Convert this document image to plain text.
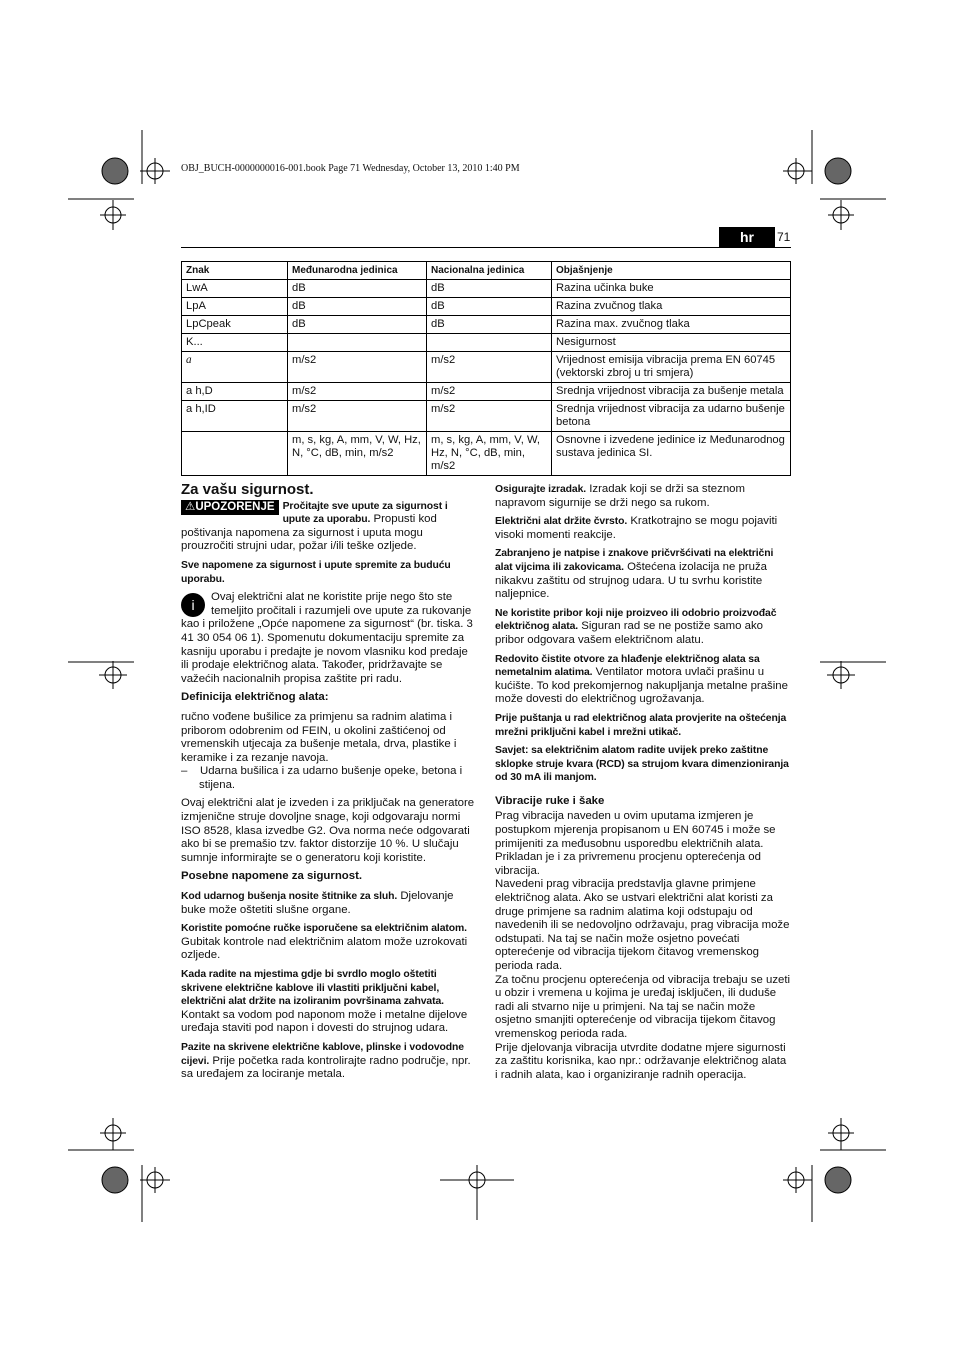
OBJ_BUCH-0000000016-001.book Page 71 Wednesday, October 13, 2010 1:40 PM
hr	71
Znak	Međunarodna jedinica	Nacionalna jedinica	Objašnjenje
LwA	dB	dB	Razina učinka buke
LpA	dB	dB	Razina zvučnog tlaka
LpCpeak	dB	dB	Razina max. zvučnog tlaka
K...			Nesigurnost
a	m/s2	m/s2	Vrijednost emisija vibracija prema EN 60745 (vektorski zbroj u tri smjera)
a h,D	m/s2	m/s2	Srednja vrijednost vibracija za bušenje metala
a h,ID	m/s2	m/s2	Srednja vrijednost vibracija za udarno bušenje betona
	m, s, kg, A, mm, V, W, Hz, N, °C, dB, min, m/s2	m, s, kg, A, mm, V, W, Hz, N, °C, dB, min, m/s2	Osnovne i izvedene jedinice iz Međunarodnog sustava jedinica SI.
Za vašu sigurnost.

⚠UPOZORENJE Pročitajte sve upute za sigurnost i upute za uporabu. Propusti kod poštivanja napomena za sigurnost i uputa mogu prouzročiti strujni udar, požar i/ili teške ozljede.

Sve napomene za sigurnost i upute spremite za buduću uporabu.

i	Ovaj električni alat ne koristite prije nego što ste temeljito pročitali i razumjeli ove upute za rukovanje kao i priložene „Opće napomene za sigurnost“ (br. tiska. 3 41 30 054 06 1). Spomenutu dokumentaciju spremite za kasniju uporabu i predajte je novom vlasniku kod predaje ili prodaje električnog alata. Također, pridržavajte se važećih nacionalnih propisa zaštite pri radu.

Definicija električnog alata:

ručno vođene bušilice za primjenu sa radnim alatima i priborom odobrenim od FEIN, u okolini zaštićenoj od vremenskih utjecaja za bušenje metala, drva, plastike i keramike i za rezanje navoja.

–    Udarna bušilica i za udarno bušenje opeke, betona i stijena.

Ovaj električni alat je izveden i za priključak na generatore izmjenične struje dovoljne snage, koji odgovaraju normi ISO 8528, klasa izvedbe G2. Ova norma neće odgovarati ako bi se premašio tzv. faktor distorzije 10 %. U slučaju sumnje informirajte se o generatoru koji koristite.

Posebne napomene za sigurnost.

Kod udarnog bušenja nosite štitnike za sluh. Djelovanje buke može oštetiti slušne organe.

Koristite pomoćne ručke isporučene sa električnim alatom. Gubitak kontrole nad električnim alatom može uzrokovati ozljede.

Kada radite na mjestima gdje bi svrdlo moglo oštetiti skrivene električne kablove ili vlastiti priključni kabel, električni alat držite na izoliranim površinama zahvata. Kontakt sa vodom pod naponom može i metalne dijelove uređaja staviti pod napon i dovesti do strujnog udara.

Pazite na skrivene električne kablove, plinske i vodovodne cijevi. Prije početka rada kontrolirajte radno područje, npr. sa uređajem za lociranje metala.

Osigurajte izradak. Izradak koji se drži sa steznom napravom sigurnije se drži nego sa rukom.

Električni alat držite čvrsto. Kratkotrajno se mogu pojaviti visoki momenti reakcije.

Zabranjeno je natpise i znakove pričvršćivati na električni alat vijcima ili zakovicama. Oštećena izolacija ne pruža nikakvu zaštitu od strujnog udara. U tu svrhu koristite naljepnice.

Ne koristite pribor koji nije proizveo ili odobrio proizvođač električnog alata. Siguran rad se ne postiže samo ako pribor odgovara vašem električnom alatu.

Redovito čistite otvore za hlađenje električnog alata sa nemetalnim alatima. Ventilator motora uvlači prašinu u kućište. To kod prekomjernog nakupljanja metalne prašine može dovesti do električnog ugrožavanja.

Prije puštanja u rad električnog alata provjerite na oštećenja mrežni priključni kabel i mrežni utikač.

Savjet: sa električnim alatom radite uvijek preko zaštitne sklopke struje kvara (RCD) sa strujom kvara dimenzioniranja od 30 mA ili manjom.

Vibracije ruke i šake

Prag vibracija naveden u ovim uputama izmjeren je postupkom mjerenja propisanom u EN 60745 i može se primijeniti za međusobnu usporedbu električnih alata. Prikladan je i za privremenu procjenu opterećenja od vibracija.

Navedeni prag vibracija predstavlja glavne primjene električnog alata. Ako se ustvari električni alat koristi za druge primjene sa radnim alatima koji odstupaju od navedenih ili se nedovoljno održavaju, prag vibracija može odstupati. Na taj se način može osjetno povećati opterećenje od vibracija tijekom čitavog vremenskog perioda rada.

Za točnu procjenu opterećenja od vibracija trebaju se uzeti u obzir i vremena u kojima je uređaj isključen, ili duduše radi ali stvarno nije u primjeni. Na taj se način može osjetno smanjiti opterećenje od vibracija tijekom čitavog vremenskog perioda rada.

Prije djelovanja vibracija utvrdite dodatne mjere sigurnosti za zaštitu korisnika, kao npr.: održavanje električnog alata i radnih alata, kao i organiziranje radnih operacija.
